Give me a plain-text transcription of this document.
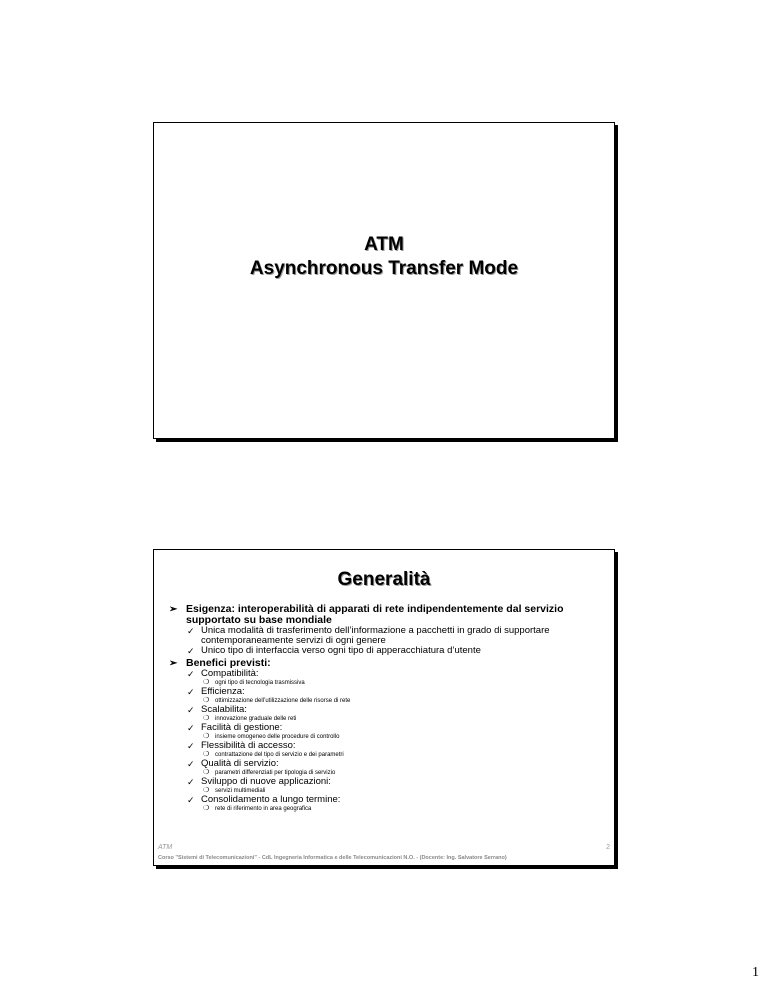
ATM
Asynchronous Transfer Mode
Generalità
➢ Esigenza: interoperabilità di apparati di rete indipendentemente dal servizio supportato su base mondiale
✓ Unica modalità di trasferimento dell’informazione a pacchetti in grado di supportare contemporaneamente servizi di ogni genere
✓ Unico tipo di interfaccia verso ogni tipo di apperacchiatura d’utente
➢ Benefici previsti:
✓ Compatibilità:
❍ ogni tipo di tecnologia trasmissiva
✓ Efficienza:
❍ ottimizzazione dell’utilizzazione delle risorse di rete
✓ Scalabilita:
❍ innovazione graduale delle reti
✓ Facilità di gestione:
❍ insieme omogeneo delle procedure di controllo
✓ Flessibilità di accesso:
❍ contrattazione del tipo di servizio e dei parametri
✓ Qualità di servizio:
❍ parametri differenziati per tipologia di servizio
✓ Sviluppo di nuove applicazioni:
❍ servizi multimediali
✓ Consolidamento a lungo termine:
❍ rete di riferimento in area geografica
ATM	2
Corso "Sistemi di Telecomunicazioni" - CdL Ingegneria Informatica e delle Telecomunicazioni N.O. - (Docente: Ing. Salvatore Serrano)
1
